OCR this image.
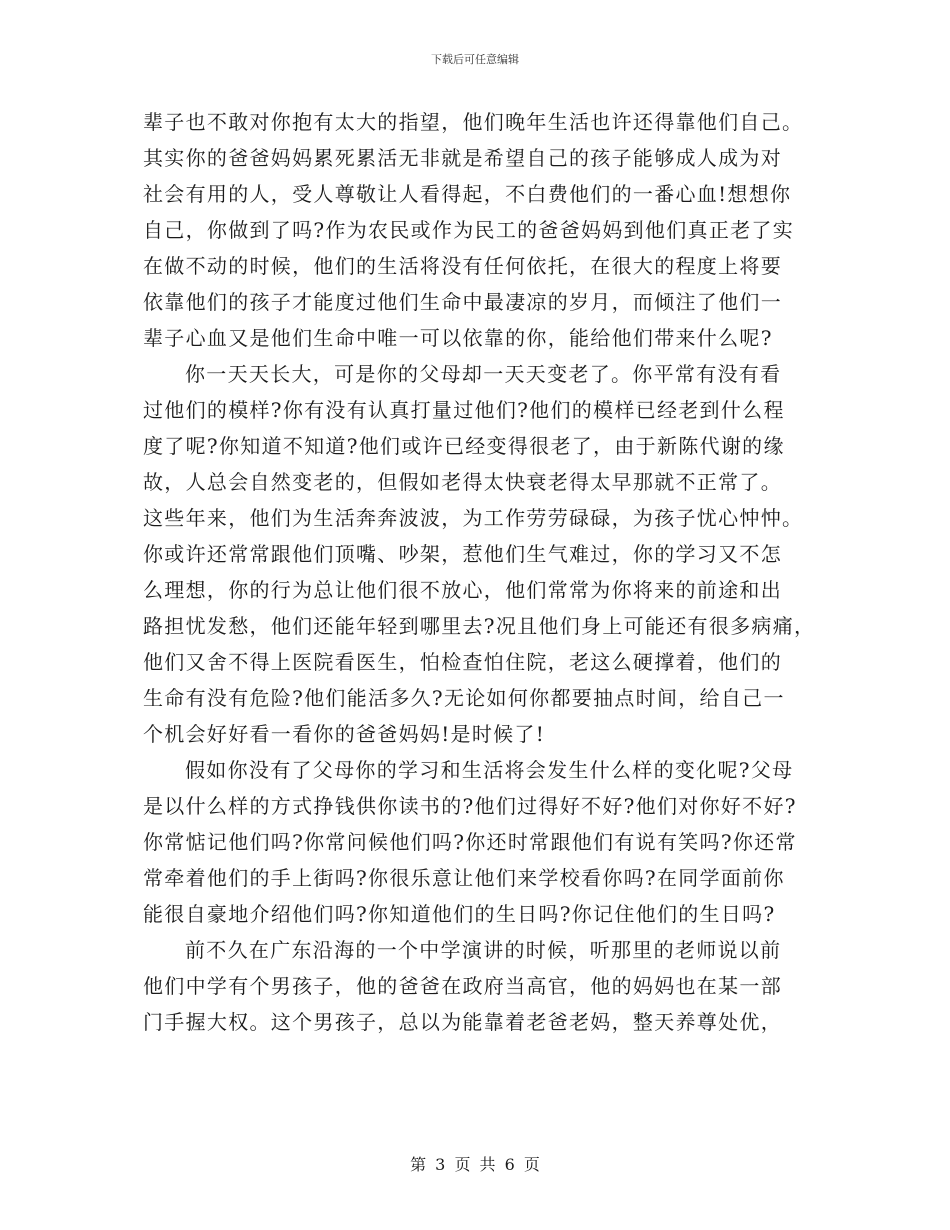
下载后可任意编辑
辈子也不敢对你抱有太大的指望，他们晚年生活也许还得靠他们自己。
其实你的爸爸妈妈累死累活无非就是希望自己的孩子能够成人成为对
社会有用的人，受人尊敬让人看得起，不白费他们的一番心血!想想你
自己，你做到了吗?作为农民或作为民工的爸爸妈妈到他们真正老了实
在做不动的时候，他们的生活将没有任何依托，在很大的程度上将要
依靠他们的孩子才能度过他们生命中最凄凉的岁月，而倾注了他们一
辈子心血又是他们生命中唯一可以依靠的你，能给他们带来什么呢?
你一天天长大，可是你的父母却一天天变老了。你平常有没有看
过他们的模样?你有没有认真打量过他们?他们的模样已经老到什么程
度了呢?你知道不知道?他们或许已经变得很老了，由于新陈代谢的缘
故，人总会自然变老的，但假如老得太快衰老得太早那就不正常了。
这些年来，他们为生活奔奔波波，为工作劳劳碌碌，为孩子忧心忡忡。
你或许还常常跟他们顶嘴、吵架，惹他们生气难过，你的学习又不怎
么理想，你的行为总让他们很不放心，他们常常为你将来的前途和出
路担忧发愁，他们还能年轻到哪里去?况且他们身上可能还有很多病痛，
他们又舍不得上医院看医生，怕检查怕住院，老这么硬撑着，他们的
生命有没有危险?他们能活多久?无论如何你都要抽点时间，给自己一
个机会好好看一看你的爸爸妈妈!是时候了!
假如你没有了父母你的学习和生活将会发生什么样的变化呢?父母
是以什么样的方式挣钱供你读书的?他们过得好不好?他们对你好不好?
你常惦记他们吗?你常问候他们吗?你还时常跟他们有说有笑吗?你还常
常牵着他们的手上街吗?你很乐意让他们来学校看你吗?在同学面前你
能很自豪地介绍他们吗?你知道他们的生日吗?你记住他们的生日吗?
前不久在广东沿海的一个中学演讲的时候，听那里的老师说以前
他们中学有个男孩子，他的爸爸在政府当高官，他的妈妈也在某一部
门手握大权。这个男孩子，总以为能靠着老爸老妈，整天养尊处优，
第 3 页 共 6 页
